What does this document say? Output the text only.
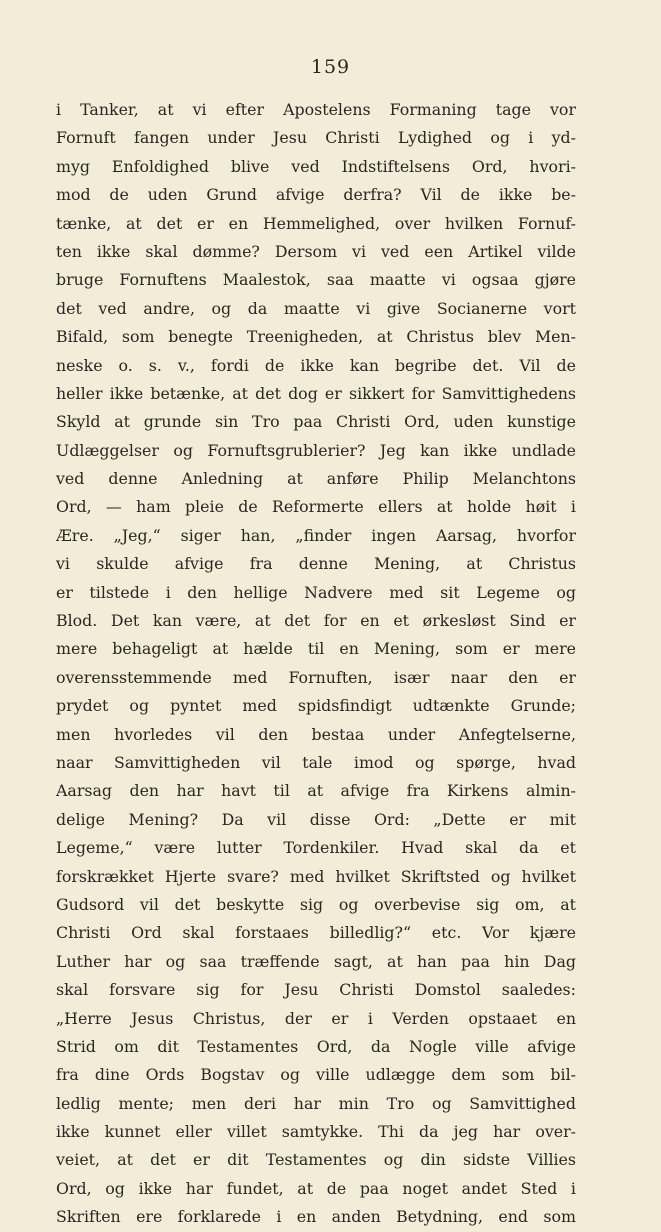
159
i Tanker, at vi efter Apostelens Formaning tage vor
Fornuft fangen under Jesu Christi Lydighed og i yd-
myg Enfoldighed blive ved Indstiftelsens Ord, hvori-
mod de uden Grund afvige derfra? Vil de ikke be-
tænke, at det er en Hemmelighed, over hvilken Fornuf-
ten ikke skal dømme? Dersom vi ved een Artikel vilde
bruge Fornuftens Maalestok, saa maatte vi ogsaa gjøre
det ved andre, og da maatte vi give Socianerne vort
Bifald, som benegte Treenigheden, at Christus blev Men-
neske o. s. v., fordi de ikke kan begribe det. Vil de
heller ikke betænke, at det dog er sikkert for Samvittighedens
Skyld at grunde sin Tro paa Christi Ord, uden kunstige
Udlæggelser og Fornuftsgrublerier? Jeg kan ikke undlade
ved denne Anledning at anføre Philip Melanchtons
Ord, — ham pleie de Reformerte ellers at holde høit i
Ære. „Jeg,“ siger han, „finder ingen Aarsag, hvorfor
vi skulde afvige fra denne Mening, at Christus
er tilstede i den hellige Nadvere med sit Legeme og
Blod. Det kan være, at det for en et ørkesløst Sind er
mere behageligt at hælde til en Mening, som er mere
overensstemmende med Fornuften, især naar den er
prydet og pyntet med spidsfindigt udtænkte Grunde;
men hvorledes vil den bestaa under Anfegtelserne,
naar Samvittigheden vil tale imod og spørge, hvad
Aarsag den har havt til at afvige fra Kirkens almin-
delige Mening? Da vil disse Ord: „Dette er mit
Legeme,“ være lutter Tordenkiler. Hvad skal da et
forskrækket Hjerte svare? med hvilket Skriftsted og hvilket
Gudsord vil det beskytte sig og overbevise sig om, at
Christi Ord skal forstaaes billedlig?“ etc. Vor kjære
Luther har og saa træffende sagt, at han paa hin Dag
skal forsvare sig for Jesu Christi Domstol saaledes:
„Herre Jesus Christus, der er i Verden opstaaet en
Strid om dit Testamentes Ord, da Nogle ville afvige
fra dine Ords Bogstav og ville udlægge dem som bil-
ledlig mente; men deri har min Tro og Samvittighed
ikke kunnet eller villet samtykke. Thi da jeg har over-
veiet, at det er dit Testamentes og din sidste Villies
Ord, og ikke har fundet, at de paa noget andet Sted i
Skriften ere forklarede i en anden Betydning, end som
